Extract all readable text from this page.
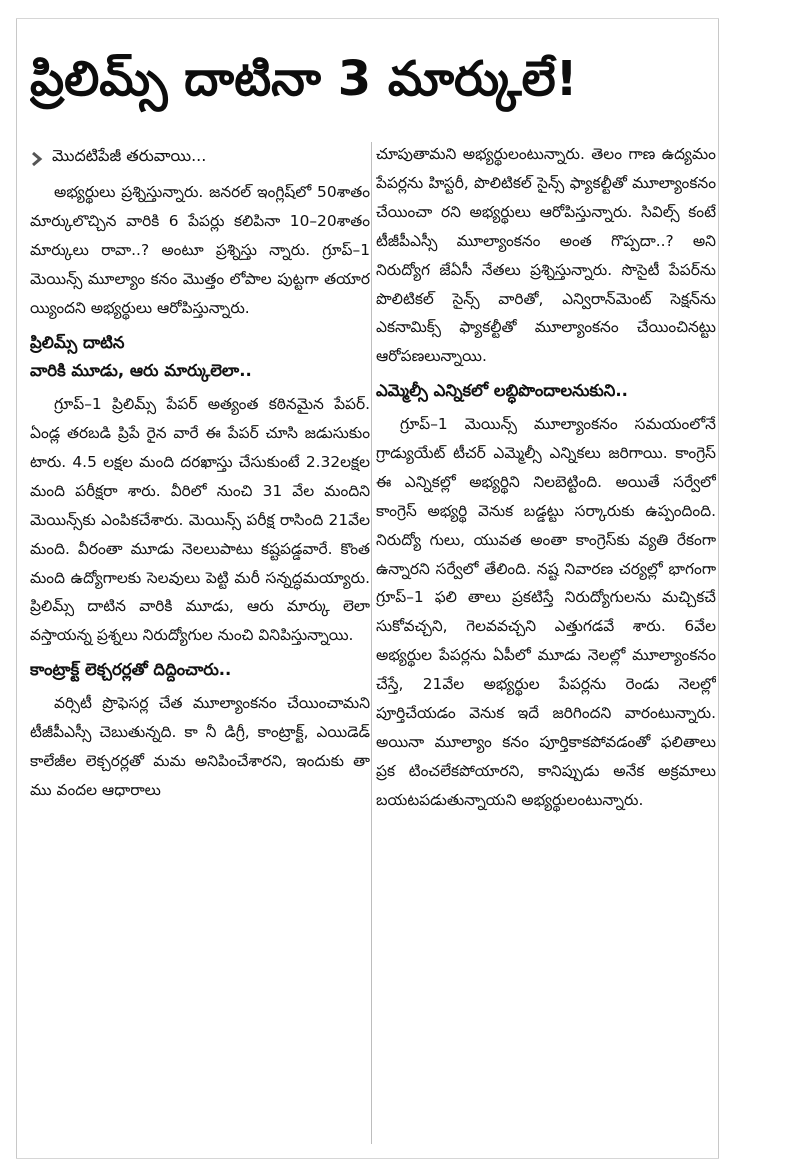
ప్రిలిమ్స్ దాటినా 3 మార్కులే!
మొదటిపేజీ తరువాయి...

అభ్యర్థులు ప్రశ్నిస్తున్నారు. జనరల్ ఇంగ్లిష్‌లో 50శాతం మార్కులొచ్చిన వారికి 6 పేపర్లు కలిపినా 10–20శాతం మార్కులు రావా..? అంటూ ప్రశ్నిస్తు న్నారు. గ్రూప్–1 మెయిన్స్ మూల్యాం కనం మొత్తం లోపాల పుట్టగా తయార య్యిందని అభ్యర్థులు ఆరోపిస్తున్నారు.

ప్రిలిమ్స్ దాటిన
వారికి మూడు, ఆరు మార్కులెలా..

గ్రూప్–1 ప్రిలిమ్స్ పేపర్ అత్యంత కఠినమైన పేపర్. ఏండ్ల తరబడి ప్రిపే రైన వారే ఈ పేపర్ చూసి జడుసుకుం టారు. 4.5 లక్షల మంది దరఖాస్తు చేసుకుంటే 2.32లక్షల మంది పరీక్షరా శారు. వీరిలో నుంచి 31 వేల మందిని మెయిన్స్‌కు ఎంపికచేశారు. మెయిన్స్ పరీక్ష రాసింది 21వేల మంది. వీరంతా మూడు నెలలుపాటు కష్టపడ్డవారే. కొంత మంది ఉద్యోగాలకు సెలవులు పెట్టి మరీ సన్నద్ధమయ్యారు. ప్రిలిమ్స్ దాటిన వారికి మూడు, ఆరు మార్కు లెలా వస్తాయన్న ప్రశ్నలు నిరుద్యోగుల నుంచి వినిపిస్తున్నాయి.

కాంట్రాక్ట్ లెక్చరర్లతో దిద్దించారు..

వర్సిటీ ప్రొఫెసర్ల చేత మూల్యాంకనం చేయించామని టీజీపీఎస్సీ చెబుతున్నది. కా నీ డిగ్రీ, కాంట్రాక్ట్, ఎయిడెడ్ కాలేజీల లెక్చరర్లతో మమ అనిపించేశారని, ఇందుకు తా ము వందల ఆధారాలు

చూపుతామని అభ్యర్థులంటున్నారు. తెలం గాణ ఉద్యమం పేపర్లను హిస్టరీ, పొలిటికల్ సైన్స్ ఫ్యాకల్టీతో మూల్యాంకనం చేయించా రని అభ్యర్థులు ఆరోపిస్తున్నారు. సివిల్స్ కంటే టీజీపీఎస్సీ మూల్యాంకనం అంత గొప్పదా..? అని నిరుద్యోగ జేఏసీ నేతలు ప్రశ్నిస్తున్నారు. సొసైటీ పేపర్‌ను పొలిటికల్ సైన్స్ వారితో, ఎన్విరాన్‌మెంట్ సెక్షన్‌ను ఎకనామిక్స్ ఫ్యాకల్టీతో మూల్యాంకనం చేయించినట్టు ఆరోపణలున్నాయి.

ఎమ్మెల్సీ ఎన్నికలో లబ్ధిపొందాలనుకుని..

గ్రూప్–1 మెయిన్స్ మూల్యాంకనం సమయంలోనే గ్రాడ్యుయేట్ టీచర్ ఎమ్మెల్సీ ఎన్నికలు జరిగాయి. కాంగ్రెస్ ఈ ఎన్నికల్లో అభ్యర్థిని నిలబెట్టింది. అయితే సర్వేలో కాంగ్రెస్ అభ్యర్థి వెనుక బడ్డట్టు సర్కారుకు ఉప్పందింది. నిరుద్యో గులు, యువత అంతా కాంగ్రెస్‌కు వ్యతి రేకంగా ఉన్నారని సర్వేలో తేలింది. నష్ట నివారణ చర్యల్లో భాగంగా గ్రూప్–1 ఫలి తాలు ప్రకటిస్తే నిరుద్యోగులను మచ్చికచే సుకోవచ్చని, గెలవవచ్చని ఎత్తుగడవే శారు. 6వేల అభ్యర్థుల పేపర్లను ఏపీలో మూడు నెలల్లో మూల్యాంకనం చేస్తే, 21వేల అభ్యర్థుల పేపర్లను రెండు నెలల్లో పూర్తిచేయడం వెనుక ఇదే జరిగిందని వారంటున్నారు. అయినా మూల్యాం కనం పూర్తికాకపోవడంతో ఫలితాలు ప్రక టించలేకపోయారని, కానిప్పుడు అనేక అక్రమాలు బయటపడుతున్నాయని అభ్యర్థులంటున్నారు.
